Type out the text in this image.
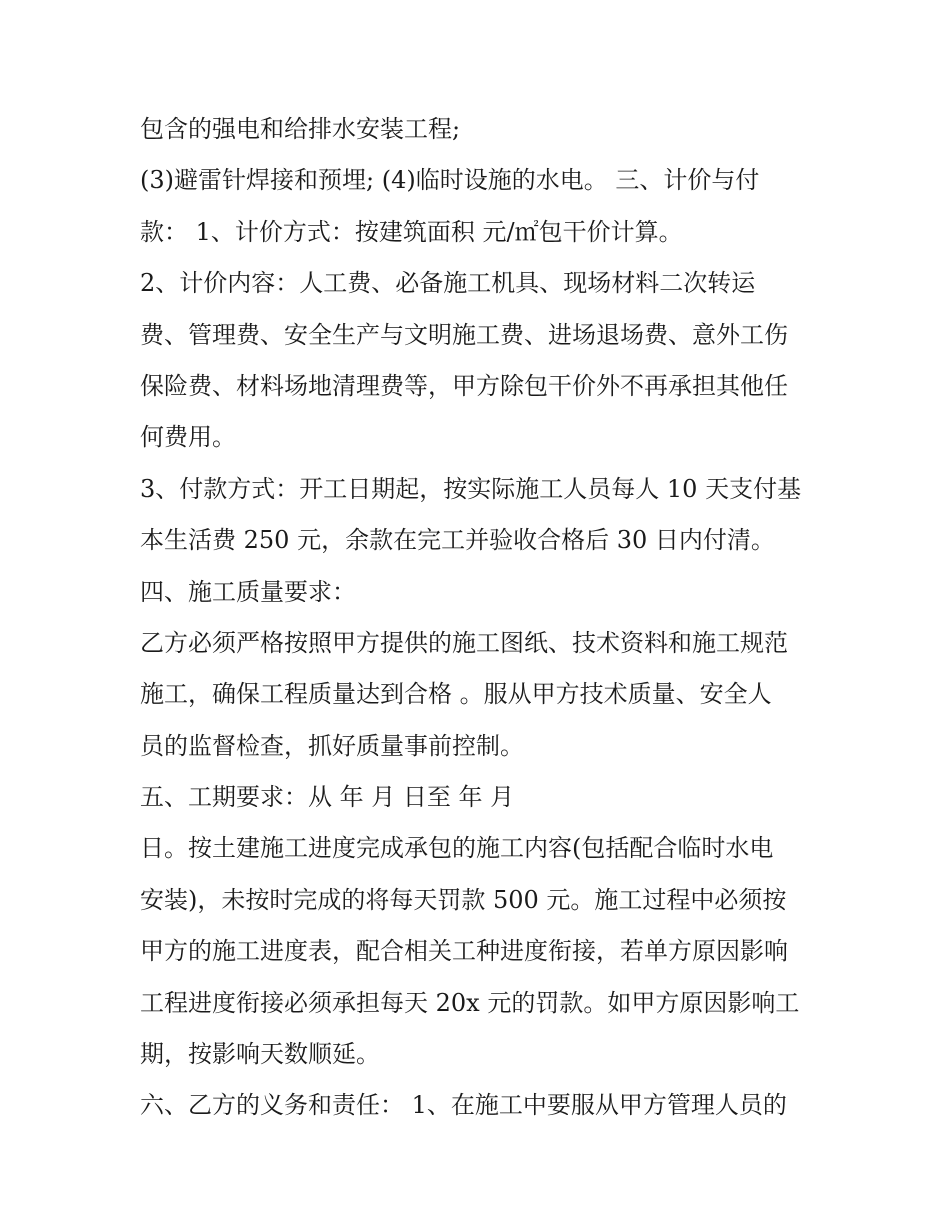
包含的强电和给排水安装工程;
(3)避雷针焊接和预埋; (4)临时设施的水电。 三、计价与付
款： 1、计价方式：按建筑面积 元/㎡包干价计算。
2、计价内容：人工费、必备施工机具、现场材料二次转运
费、管理费、安全生产与文明施工费、进场退场费、意外工伤
保险费、材料场地清理费等，甲方除包干价外不再承担其他任
何费用。
3、付款方式：开工日期起，按实际施工人员每人 10 天支付基
本生活费 250 元，余款在完工并验收合格后 30 日内付清。
四、施工质量要求：
乙方必须严格按照甲方提供的施工图纸、技术资料和施工规范
施工，确保工程质量达到合格 。服从甲方技术质量、安全人
员的监督检查，抓好质量事前控制。
五、工期要求：从 年 月 日至 年 月
日。按土建施工进度完成承包的施工内容(包括配合临时水电
安装)，未按时完成的将每天罚款 500 元。施工过程中必须按
甲方的施工进度表，配合相关工种进度衔接，若单方原因影响
工程进度衔接必须承担每天 20x 元的罚款。如甲方原因影响工
期，按影响天数顺延。
六、乙方的义务和责任： 1、在施工中要服从甲方管理人员的
